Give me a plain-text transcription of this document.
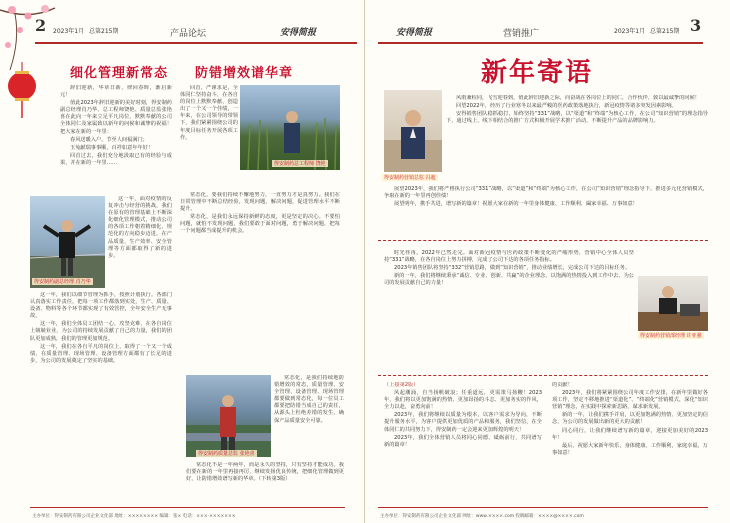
2 2023年1月 总第215期	产品论坛	安得简报
细化管理新常态 防错增效谱华章

辞旧迎新，华章日新，律回春晖，渐启新元！

值此2023年辞旧迎新的美好时刻，得安制药副总经理肖乃华、总工程师饶艳、质量总监张艳喜在此向一年来立足平凡岗位，默默奉献的公司全体同仁及家属致以新年的问候和诚挚的祝福！把大家在新的一年里：

春风送暖入户，节至人间福满门；

玉兔献瑞事事顺，百祥如意年年好！

回首过去，我们充分地汲取已有的经验与成果，并在新的一年里……

得安制药副总经理 肖乃华

这一年，面对疫情的反复冲击与经营的挑战，我们在原有的管理基础上不断深化细化管理模式，推动公司的各项工作朝着精细化、规范化的方向稳步迈进，在产品质量、生产效率、安全管理等方面都取得了新的进步。

这一年，我们以细节管理为抓手，按照计划执行。各部门认真落实工作责任，把每一项工作都落到实处，生产、质量、设备、物料等各个环节都实现了有效管控，全年安全生产无事故。

这一年，我们全体员工团结一心，攻坚克难，在各自岗位上兢兢业业，为公司的持续发展贡献了自己的力量，我们的团队更加成熟，我们的管理更加规范。

这一年，我们在各自平凡的岗位上，取得了一个又一个成绩，在质量管理、现场管理、设备管理方面都有了长足的进步，为公司的发展奠定了坚实的基础。

回首，严谨求是，全体同仁坚持奋斗，在各自的岗位上默默奉献，创造出了一个又一个佳绩，一年来，在公司领导的带领下，我们紧紧围绕公司的年度目标任务开展各项工作。

得安制药总工程师 饶艳

常态化，要我们持续不懈地努力，一直努力才是真努力。我们在日常管理中不断总结经验，发现问题，解决问题，促进管理水平不断提升。

常态化，是我们永远保持新鲜的态度，更是坚定的决心。不要怕问题，就怕不发现问题，我们要敢于面对问题，勇于解决问题，把每一个问题都当成提升的机会。

得安制药质量总监 张艳喜

常态化，是我们持续地防错增效的常态，质量管理、安全管理、设备管理、现场管理都要做到常态化，每一位员工都要把防错当成自己的责任，从源头上杜绝差错的发生，确保产品质量安全可靠。

常态化不是一年两年，而是永久的坚持，只有坚持才能成功。我们要在新的一年里再接再厉，继续发扬优良传统，把细化管理做到更好，让防错增效谱写新的华章。（下转第3版）

主办单位：得安制药有限公司企业文化部 地址：×××××××× 编辑：张× 电话：×××-×××××××
安得简报	营销推广	2023年1月 总第215期 3
新年寄语
得安制药营销总监 冯超

风雨兼程同，飞雪迎春到。值此辞旧迎新之际，向奋战在各岗位上的同仁，合作伙伴，致以最诚挚的问候！

回望2022年，经历了行业寒冬以来最严峻的医药政策落地执行，新冠疫情等诸多突发因素影响。

安得销售团队稳抓稳打，始终坚持“331”战略，以“渠道”和“终端”为核心工作，在公司“知识营销”的理念指导下，通过线上、线下相结合的推广方式积极开展学术推广活动，不断提升产品的品牌影响力。

展望2023年，我们将严格执行公司“331”战略，以“渠道”和“终端”为核心工作，在公司“知识营销”理念指导下，推进多元化营销模式，争取在新的一年里再创佳绩！

展望明年，携手共进，谱写新的篇章！祝愿大家在新的一年里身体健康、工作顺利、阖家幸福、万事如意！

时光荏苒，2022年已然走完。面对新冠疫情与医药政策不断变化的严峻形势，营销中心全体人员坚持“331”战略，在各自岗位上努力拼搏，完成了公司下达的各项任务指标。

2023年销售团队将坚持“332”营销思路，做到“知识营销”，推动业绩增长，完成公司下达的目标任务。

新的一年，我们将继续秉承“诚信、专业、创新、共赢”的企业理念，以饱满的热情投入到工作中去，为公司的发展贡献自己的力量！

得安制药营销部经理 许亚强

（上接第2版）

风起潮涌，自当扬帆破浪；任重道远，更需策马扬鞭！2023年，我们将以更加饱满的热情、更加昂扬的斗志、更加务实的作风，全力以赴，奋勇向前！

2023年，我们将继续以质量为根本，以客户需求为导向，不断提升服务水平，为客户提供更加优质的产品和服务，我们坚信，在全体同仁的共同努力下，得安制药一定会迎来更加辉煌的明天！

2023年，我们全体营销人员将同心同德，砥砺前行，共同谱写新的篇章！

的贡献！

2023年，我们将紧紧围绕公司年度工作安排，在新年里做好各项工作，坚定不移地推进“渠道化”、“终端化”营销模式，深化“知识营销”理念，在实践中探索新思路，谋求新发展。

新的一年，让我们携手并肩，以更加饱满的热情、更加坚定的信念，为公司的发展做出新的更大的贡献！

同心同行，让我们继续谱写新的篇章，迎接更加美好的2023年！

最后，祝愿大家新年快乐，身体健康，工作顺利，家庭幸福，万事如意！

主办单位：得安制药有限公司企业文化部 网址：www.××××.com 投稿邮箱：××××@××××.com
